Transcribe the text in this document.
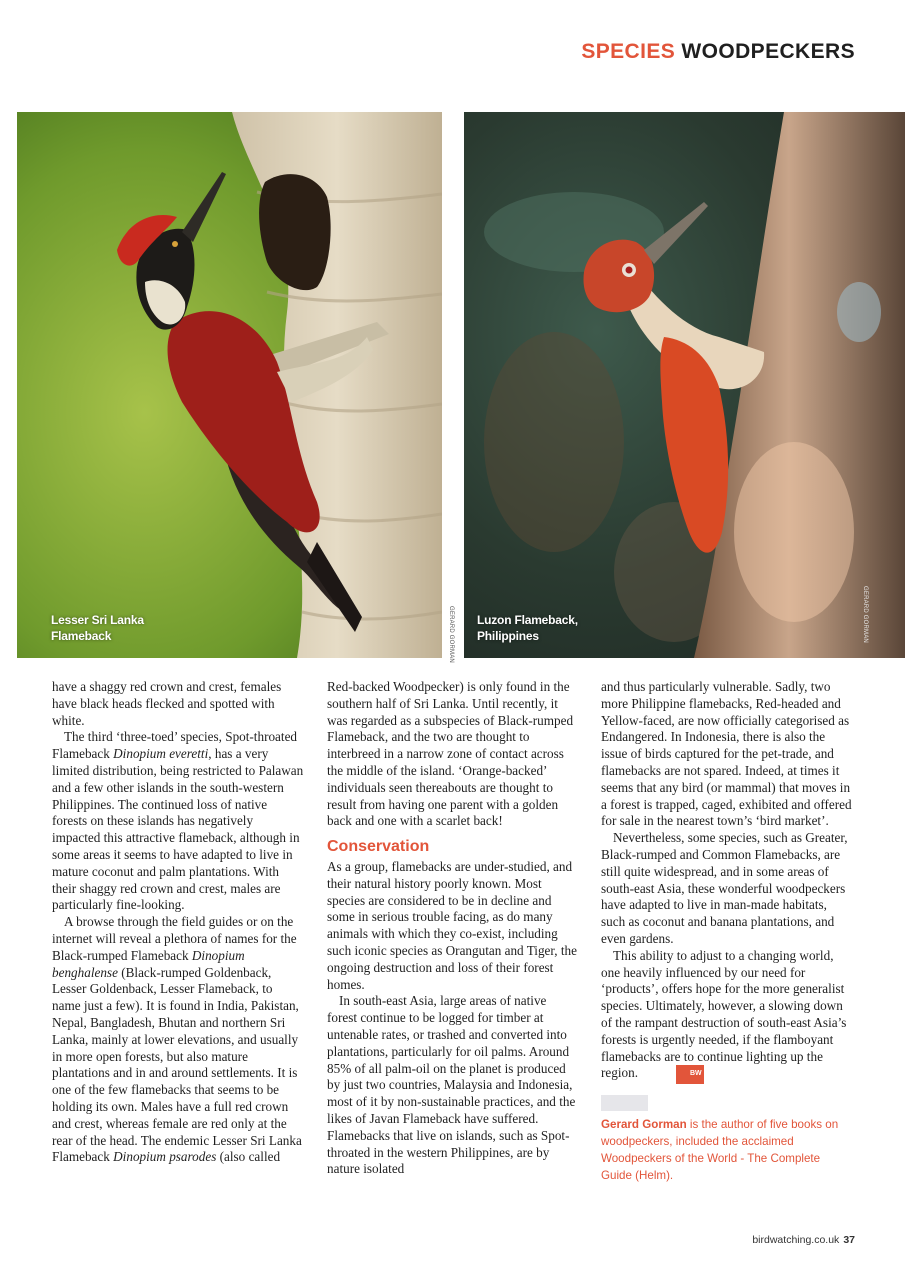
SPECIES WOODPECKERS
Lesser Sri Lanka
Flameback	GERARD GORMAN Luzon Flameback,
Philippines	GERARD GORMAN

have a shaggy red crown and crest, females have black heads flecked and spotted with white.

The third ‘three-toed’ species, Spot-throated Flameback Dinopium everetti, has a very limited distribution, being restricted to Palawan and a few other islands in the south-western Philippines. The continued loss of native forests on these islands has negatively impacted this attractive flameback, although in some areas it seems to have adapted to live in mature coconut and palm plantations. With their shaggy red crown and crest, males are particularly fine-looking.

A browse through the field guides or on the internet will reveal a plethora of names for the Black-rumped Flameback Dinopium benghalense (Black-rumped Goldenback, Lesser Goldenback, Lesser Flameback, to name just a few). It is found in India, Pakistan, Nepal, Bangladesh, Bhutan and northern Sri Lanka, mainly at lower elevations, and usually in more open forests, but also mature plantations and in and around settlements. It is one of the few flamebacks that seems to be holding its own. Males have a full red crown and crest, whereas female are red only at the rear of the head. The endemic Lesser Sri Lanka Flameback Dinopium psarodes (also called

Red-backed Woodpecker) is only found in the southern half of Sri Lanka. Until recently, it was regarded as a subspecies of Black-rumped Flameback, and the two are thought to interbreed in a narrow zone of contact across the middle of the island. ‘Orange-backed’ individuals seen thereabouts are thought to result from having one parent with a golden back and one with a scarlet back!

Conservation

As a group, flamebacks are under-studied, and their natural history poorly known. Most species are considered to be in decline and some in serious trouble facing, as do many animals with which they co-exist, including such iconic species as Orangutan and Tiger, the ongoing destruction and loss of their forest homes.

In south-east Asia, large areas of native forest continue to be logged for timber at untenable rates, or trashed and converted into plantations, particularly for oil palms. Around 85% of all palm-oil on the planet is produced by just two countries, Malaysia and Indonesia, most of it by non-sustainable practices, and the likes of Javan Flameback have suffered. Flamebacks that live on islands, such as Spot-throated in the western Philippines, are by nature isolated

and thus particularly vulnerable. Sadly, two more Philippine flamebacks, Red-headed and Yellow-faced, are now officially categorised as Endangered. In Indonesia, there is also the issue of birds captured for the pet-trade, and flamebacks are not spared. Indeed, at times it seems that any bird (or mammal) that moves in a forest is trapped, caged, exhibited and offered for sale in the nearest town’s ‘bird market’.

Nevertheless, some species, such as Greater, Black-rumped and Common Flamebacks, are still quite widespread, and in some areas of south-east Asia, these wonderful woodpeckers have adapted to live in man-made habitats, such as coconut and banana plantations, and even gardens.

This ability to adjust to a changing world, one heavily influenced by our need for ‘products’, offers hope for the more generalist species. Ultimately, however, a slowing down of the rampant destruction of south-east Asia’s forests is urgently needed, if the flamboyant flamebacks are to continue lighting up the region.	BW

Gerard Gorman is the author of five books on woodpeckers, included the acclaimed Woodpeckers of the World - The Complete Guide (Helm).

birdwatching.co.uk 37
